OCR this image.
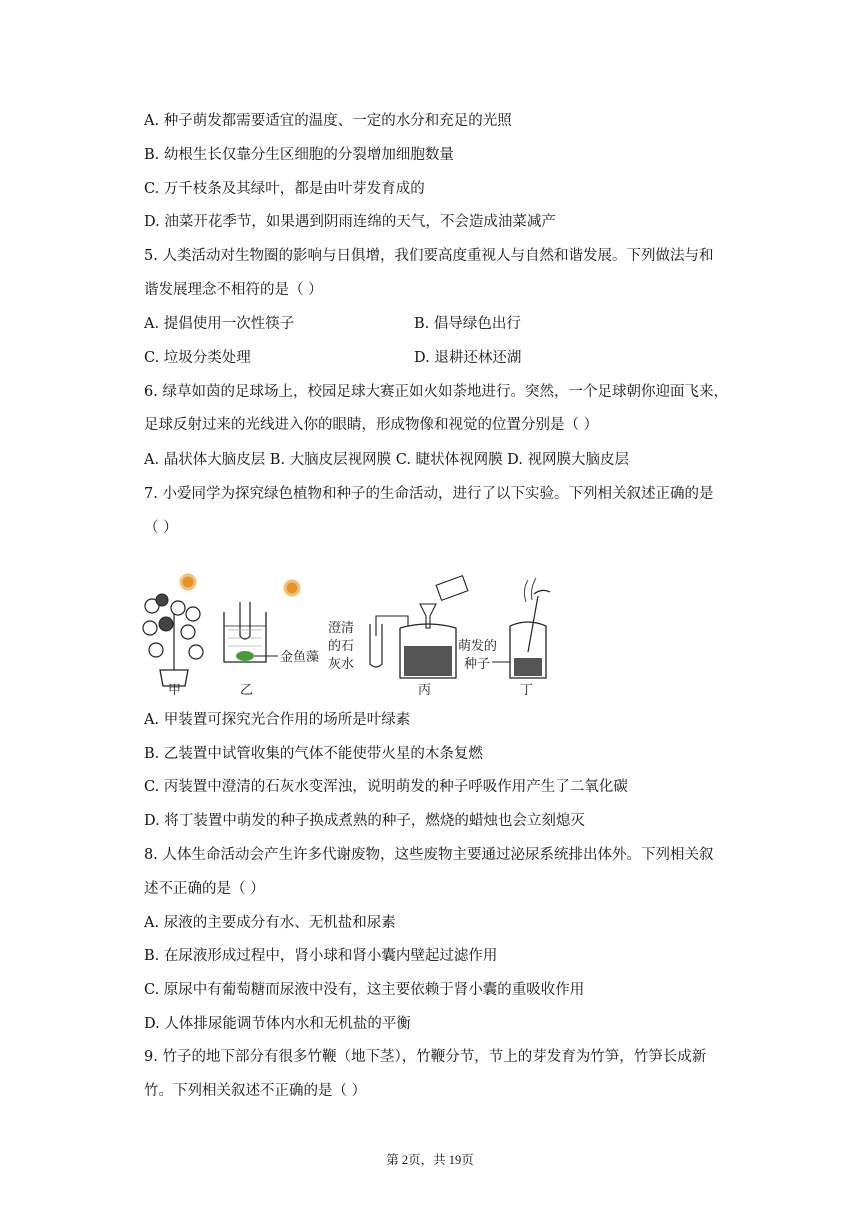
A. 种子萌发都需要适宜的温度、一定的水分和充足的光照
B. 幼根生长仅靠分生区细胞的分裂增加细胞数量
C. 万千枝条及其绿叶，都是由叶芽发育成的
D. 油菜开花季节，如果遇到阴雨连绵的天气，不会造成油菜减产
5. 人类活动对生物圈的影响与日俱增，我们要高度重视人与自然和谐发展。下列做法与和
谐发展理念不相符的是（ ）
A. 提倡使用一次性筷子	B. 倡导绿色出行
C. 垃圾分类处理	D. 退耕还林还湖
6. 绿草如茵的足球场上，校园足球大赛正如火如荼地进行。突然，一个足球朝你迎面飞来，
足球反射过来的光线进入你的眼睛，形成物像和视觉的位置分别是（ ）
A. 晶状体大脑皮层 B. 大脑皮层视网膜 C. 睫状体视网膜 D. 视网膜大脑皮层
7. 小爱同学为探究绿色植物和种子的生命活动，进行了以下实验。下列相关叙述正确的是
（ ）
甲
金鱼藻
乙
澄清
的石
灰水
丙
萌发的
种子
丁
A. 甲装置可探究光合作用的场所是叶绿素
B. 乙装置中试管收集的气体不能使带火星的木条复燃
C. 丙装置中澄清的石灰水变浑浊，说明萌发的种子呼吸作用产生了二氧化碳
D. 将丁装置中萌发的种子换成煮熟的种子，燃烧的蜡烛也会立刻熄灭
8. 人体生命活动会产生许多代谢废物，这些废物主要通过泌尿系统排出体外。下列相关叙
述不正确的是（ ）
A. 尿液的主要成分有水、无机盐和尿素
B. 在尿液形成过程中，肾小球和肾小囊内壁起过滤作用
C. 原尿中有葡萄糖而尿液中没有，这主要依赖于肾小囊的重吸收作用
D. 人体排尿能调节体内水和无机盐的平衡
9. 竹子的地下部分有很多竹鞭（地下茎），竹鞭分节，节上的芽发育为竹笋，竹笋长成新
竹。下列相关叙述不正确的是（ ）
第 2页，共 19页
